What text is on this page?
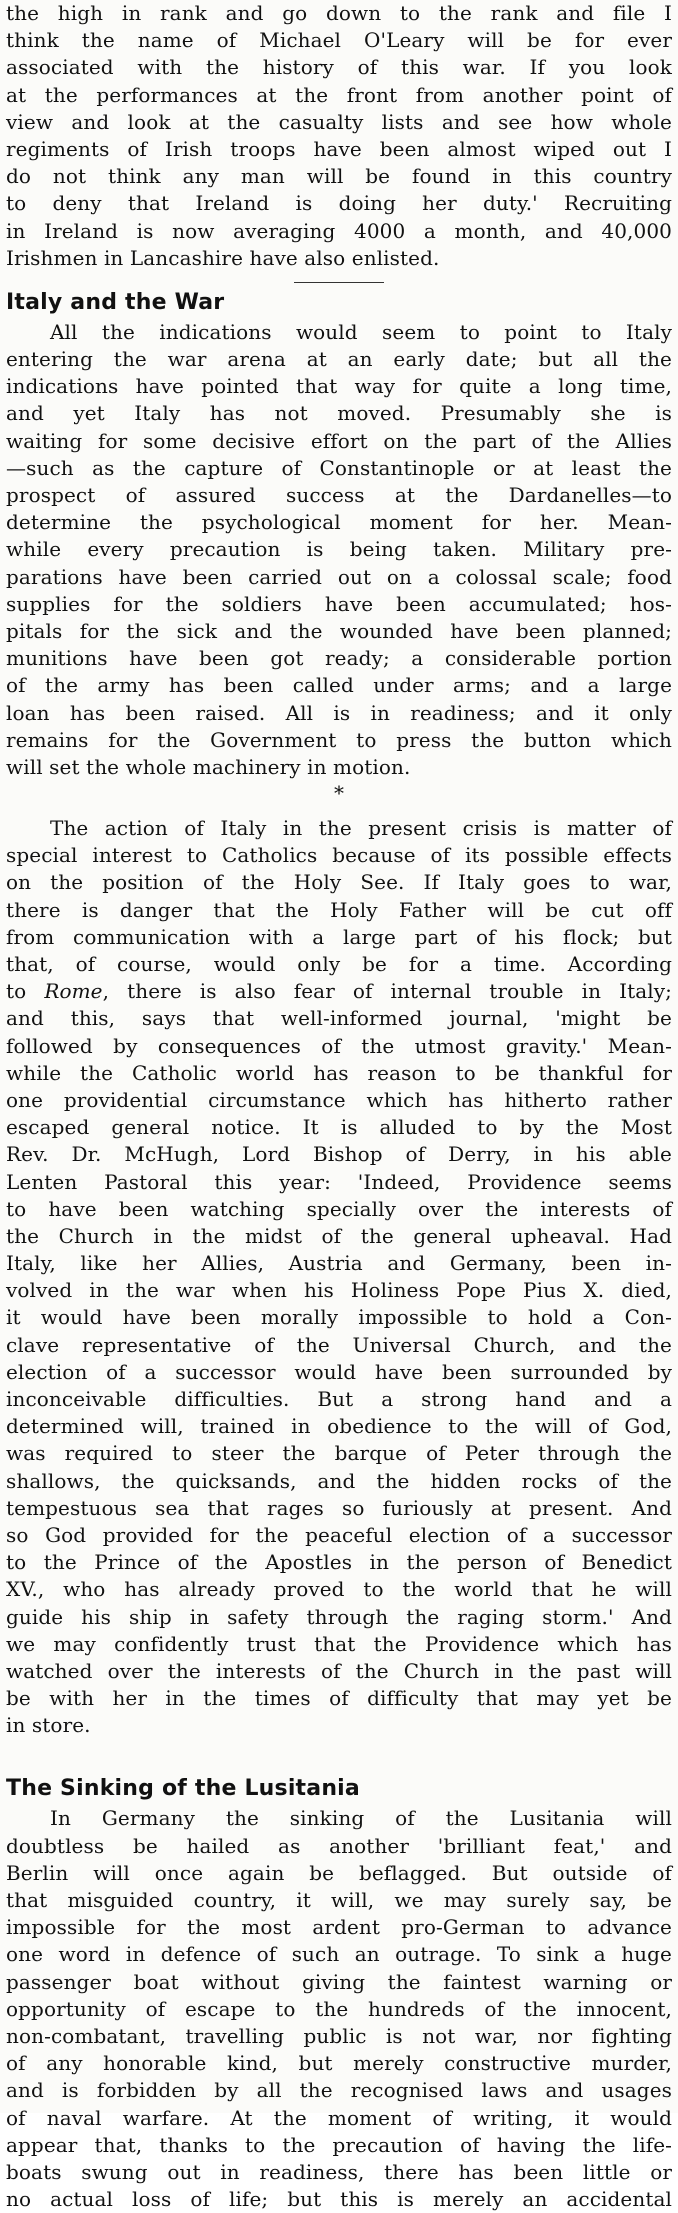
the high in rank and go down to the rank and file I
think the name of Michael O'Leary will be for ever
associated with the history of this war. If you look
at the performances at the front from another point of
view and look at the casualty lists and see how whole
regiments of Irish troops have been almost wiped out I
do not think any man will be found in this country
to deny that Ireland is doing her duty.' Recruiting
in Ireland is now averaging 4000 a month, and 40,000
Irishmen in Lancashire have also enlisted.
Italy and the War
All the indications would seem to point to Italy
entering the war arena at an early date; but all the
indications have pointed that way for quite a long time,
and yet Italy has not moved. Presumably she is
waiting for some decisive effort on the part of the Allies
—such as the capture of Constantinople or at least the
prospect of assured success at the Dardanelles—to
determine the psychological moment for her. Mean-
while every precaution is being taken. Military pre-
parations have been carried out on a colossal scale; food
supplies for the soldiers have been accumulated; hos-
pitals for the sick and the wounded have been planned;
munitions have been got ready; a considerable portion
of the army has been called under arms; and a large
loan has been raised. All is in readiness; and it only
remains for the Government to press the button which
will set the whole machinery in motion.
*
The action of Italy in the present crisis is matter of
special interest to Catholics because of its possible effects
on the position of the Holy See. If Italy goes to war,
there is danger that the Holy Father will be cut off
from communication with a large part of his flock; but
that, of course, would only be for a time. According
to Rome, there is also fear of internal trouble in Italy;
and this, says that well-informed journal, 'might be
followed by consequences of the utmost gravity.' Mean-
while the Catholic world has reason to be thankful for
one providential circumstance which has hitherto rather
escaped general notice. It is alluded to by the Most
Rev. Dr. McHugh, Lord Bishop of Derry, in his able
Lenten Pastoral this year: 'Indeed, Providence seems
to have been watching specially over the interests of
the Church in the midst of the general upheaval. Had
Italy, like her Allies, Austria and Germany, been in-
volved in the war when his Holiness Pope Pius X. died,
it would have been morally impossible to hold a Con-
clave representative of the Universal Church, and the
election of a successor would have been surrounded by
inconceivable difficulties. But a strong hand and a
determined will, trained in obedience to the will of God,
was required to steer the barque of Peter through the
shallows, the quicksands, and the hidden rocks of the
tempestuous sea that rages so furiously at present. And
so God provided for the peaceful election of a successor
to the Prince of the Apostles in the person of Benedict
XV., who has already proved to the world that he will
guide his ship in safety through the raging storm.' And
we may confidently trust that the Providence which has
watched over the interests of the Church in the past will
be with her in the times of difficulty that may yet be
in store.
The Sinking of the Lusitania
In Germany the sinking of the Lusitania will
doubtless be hailed as another 'brilliant feat,' and
Berlin will once again be beflagged. But outside of
that misguided country, it will, we may surely say, be
impossible for the most ardent pro-German to advance
one word in defence of such an outrage. To sink a huge
passenger boat without giving the faintest warning or
opportunity of escape to the hundreds of the innocent,
non-combatant, travelling public is not war, nor fighting
of any honorable kind, but merely constructive murder,
and is forbidden by all the recognised laws and usages
of naval warfare. At the moment of writing, it would
appear that, thanks to the precaution of having the life-
boats swung out in readiness, there has been little or
no actual loss of life; but this is merely an accidental
